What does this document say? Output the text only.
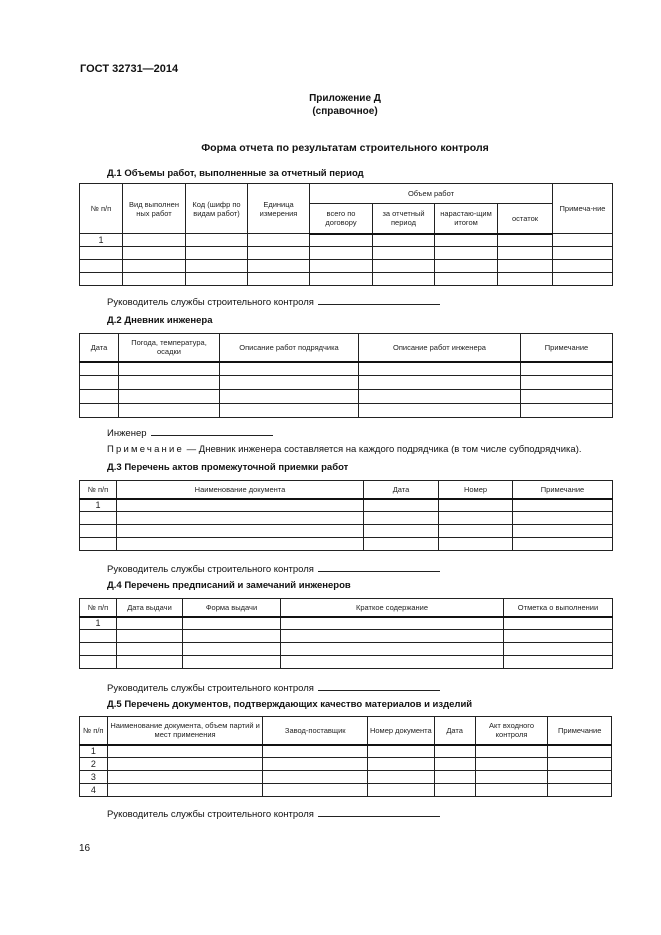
ГОСТ 32731—2014
Приложение Д
(справочное)
Форма отчета по результатам строительного контроля
Д.1 Объемы работ, выполненные за отчетный период
№ п/п	Вид выполнен ных работ	Код (шифр по видам работ)	Единица измерения	Объем работ				Примеча-ние
				всего по договору	за отчетный период	нарастаю-щим итогом	остаток	
1								

Руководитель службы строительного контроля
Д.2 Дневник инженера
Дата	Погода, температура, осадки	Описание работ подрядчика	Описание работ инженера	Примечание

Инженер
Примечание — Дневник инженера составляется на каждого подрядчика (в том числе субподрядчика).
Д.3 Перечень актов промежуточной приемки работ
№ п/п	Наименование документа	Дата	Номер	Примечание
1				

Руководитель службы строительного контроля
Д.4 Перечень предписаний и замечаний инженеров
№ п/п	Дата выдачи	Форма выдачи	Краткое содержание	Отметка о выполнении
1				

Руководитель службы строительного контроля
Д.5 Перечень документов, подтверждающих качество материалов и изделий
№ п/п	Наименование документа, объем партий и мест применения	Завод-поставщик	Номер документа	Дата	Акт входного контроля	Примечание
1						
2						
3						
4						
Руководитель службы строительного контроля
16
